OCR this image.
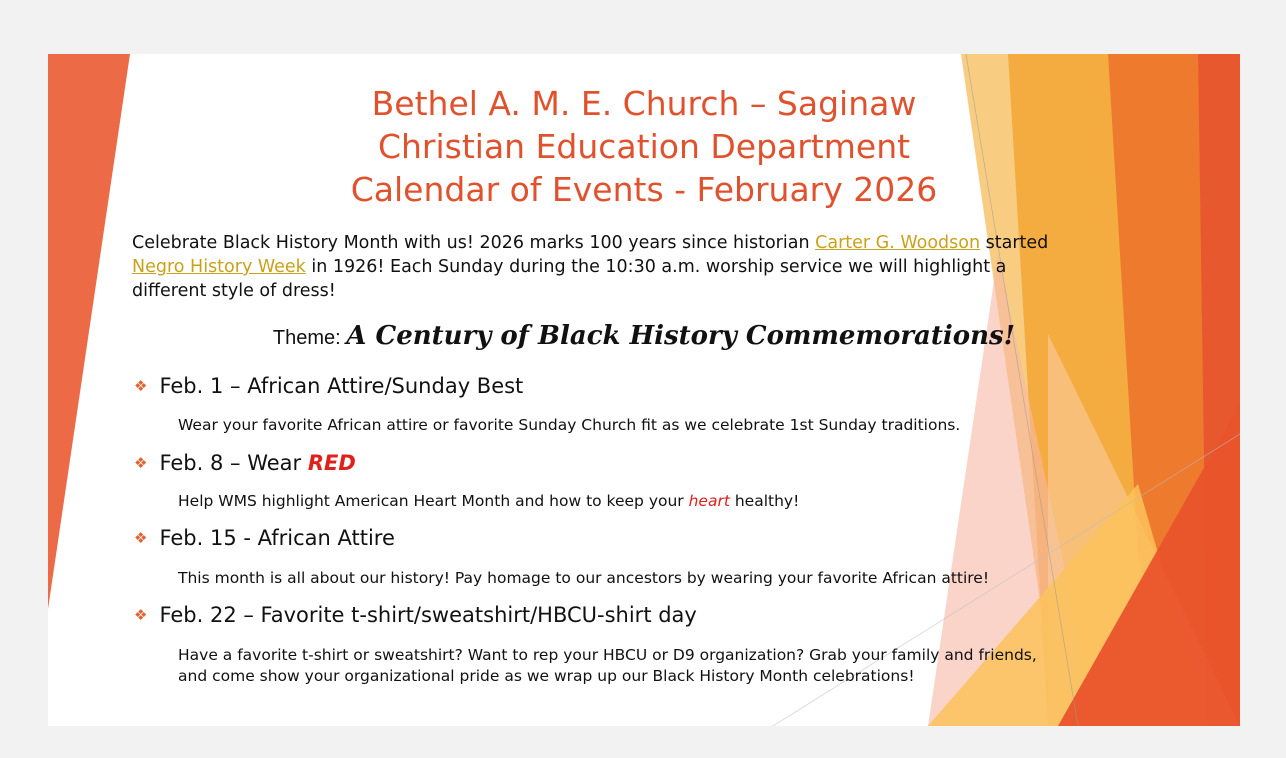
Bethel A. M. E. Church – Saginaw
Christian Education Department
Calendar of Events - February 2026
Celebrate Black History Month with us! 2026 marks 100 years since historian Carter G. Woodson started Negro History Week in 1926! Each Sunday during the 10:30 a.m. worship service we will highlight a different style of dress!
Theme: A Century of Black History Commemorations!
❖ Feb. 1 – African Attire/Sunday Best
Wear your favorite African attire or favorite Sunday Church fit as we celebrate 1st Sunday traditions.
❖ Feb. 8 – Wear RED
Help WMS highlight American Heart Month and how to keep your heart healthy!
❖ Feb. 15 - African Attire
This month is all about our history! Pay homage to our ancestors by wearing your favorite African attire!
❖ Feb. 22 – Favorite t-shirt/sweatshirt/HBCU-shirt day
Have a favorite t-shirt or sweatshirt? Want to rep your HBCU or D9 organization? Grab your family and friends, and come show your organizational pride as we wrap up our Black History Month celebrations!
